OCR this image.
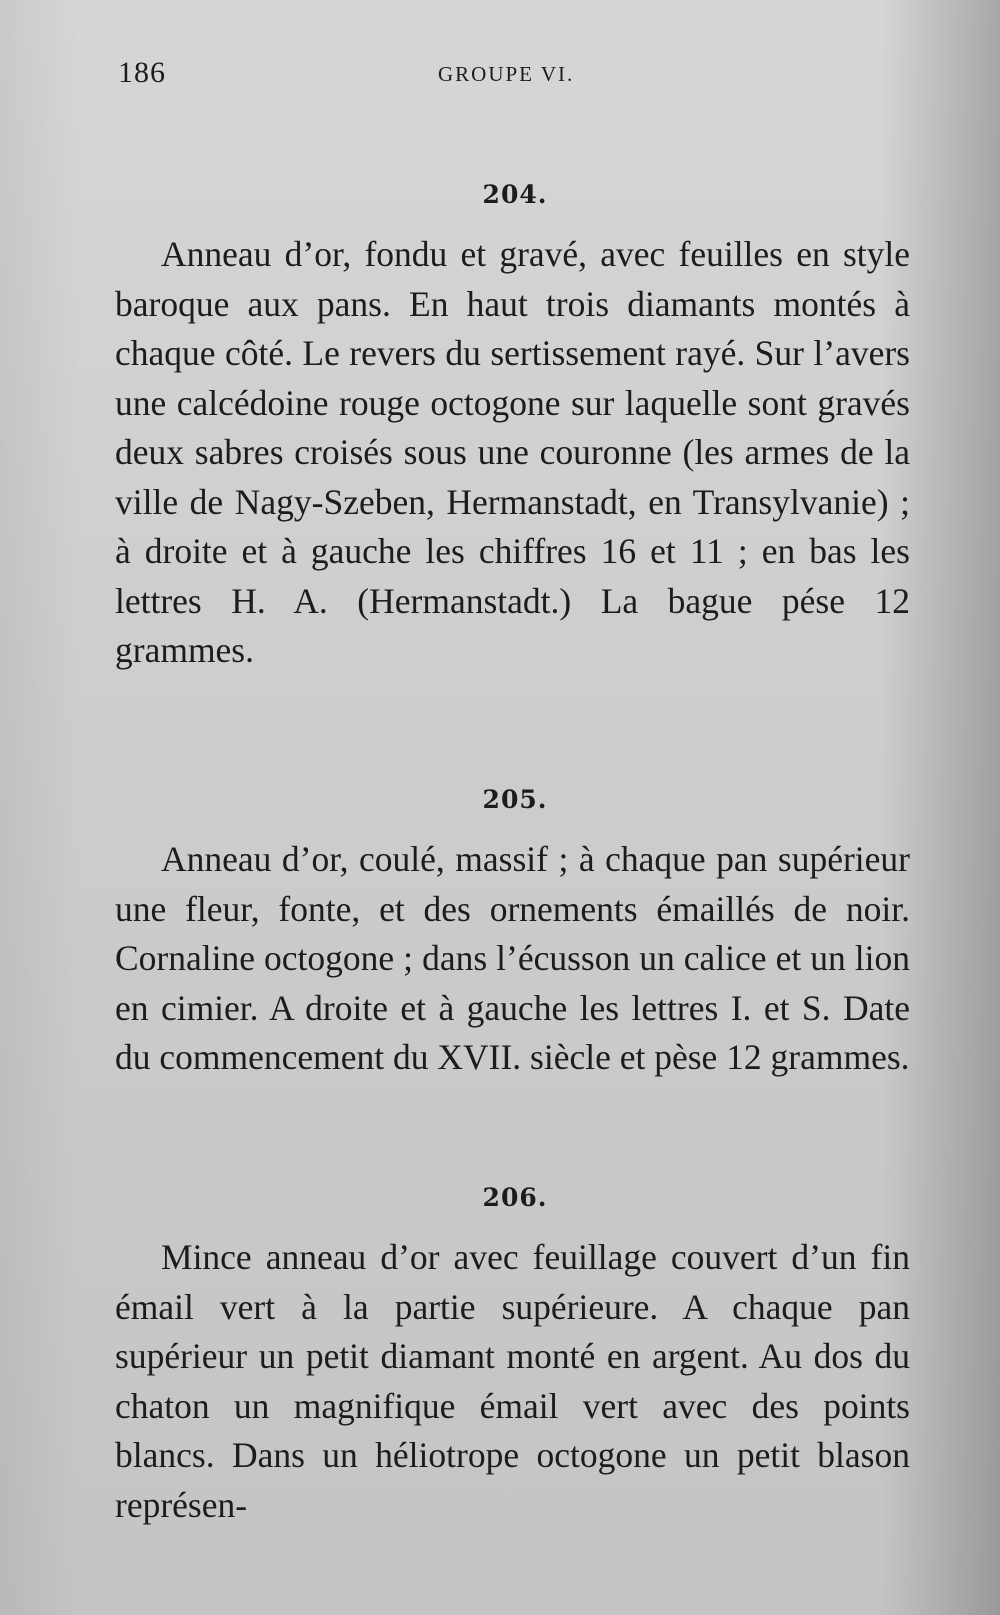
186	GROUPE VI.
204.

Anneau d’or, fondu et gravé, avec feuilles en style baroque aux pans. En haut trois diamants montés à chaque côté. Le revers du sertissement rayé. Sur l’avers une calcédoine rouge octogone sur laquelle sont gravés deux sabres croisés sous une couronne (les armes de la ville de Nagy-Szeben, Hermanstadt, en Transylvanie) ; à droite et à gauche les chiffres 16 et 11 ; en bas les lettres H. A. (Hermanstadt.) La bague pése 12 grammes.

205.

Anneau d’or, coulé, massif ; à chaque pan supérieur une fleur, fonte, et des ornements émaillés de noir. Cornaline octogone ; dans l’écusson un calice et un lion en cimier. A droite et à gauche les lettres I. et S. Date du commencement du XVII. siècle et pèse 12 grammes.

206.

Mince anneau d’or avec feuillage couvert d’un fin émail vert à la partie supérieure. A chaque pan supérieur un petit diamant monté en argent. Au dos du chaton un magnifique émail vert avec des points blancs. Dans un héliotrope octogone un petit blason représen-
